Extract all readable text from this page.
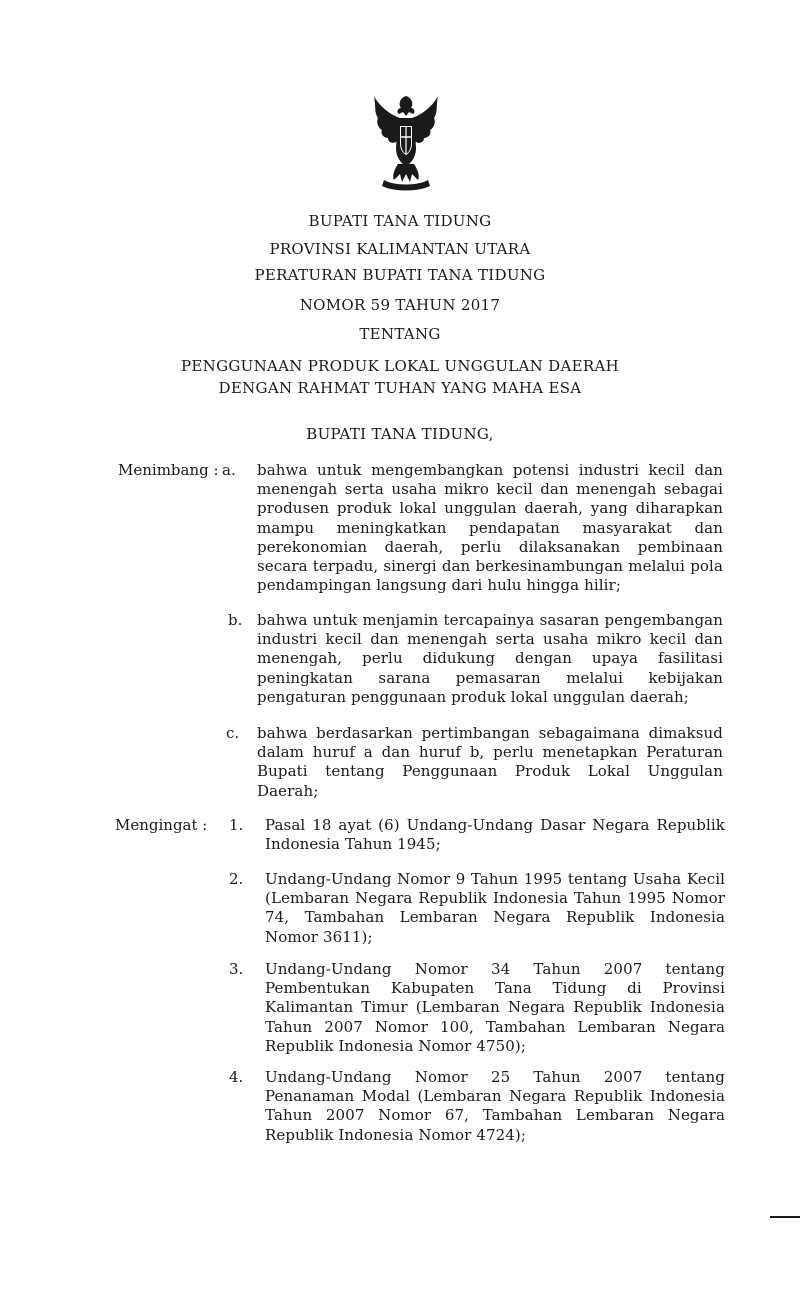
BUPATI TANA TIDUNG
PROVINSI KALIMANTAN UTARA
PERATURAN BUPATI TANA TIDUNG
NOMOR 59 TAHUN 2017
TENTANG
PENGGUNAAN PRODUK LOKAL UNGGULAN DAERAH
DENGAN RAHMAT TUHAN YANG MAHA ESA
BUPATI TANA TIDUNG,
Menimbang : a. bahwa untuk mengembangkan potensi industri kecil dan menengah serta usaha mikro kecil dan menengah sebagai produsen produk lokal unggulan daerah, yang diharapkan mampu meningkatkan pendapatan masyarakat dan perekonomian daerah, perlu dilaksanakan pembinaan secara terpadu, sinergi dan berkesinambungan melalui pola pendampingan langsung dari hulu hingga hilir;
b. bahwa untuk menjamin tercapainya sasaran pengembangan industri kecil dan menengah serta usaha mikro kecil dan menengah, perlu didukung dengan upaya fasilitasi peningkatan sarana pemasaran melalui kebijakan pengaturan penggunaan produk lokal unggulan daerah;
c. bahwa berdasarkan pertimbangan sebagaimana dimaksud dalam huruf a dan huruf b, perlu menetapkan Peraturan Bupati tentang Penggunaan Produk Lokal Unggulan Daerah;
Mengingat : 1. Pasal 18 ayat (6) Undang-Undang Dasar Negara Republik Indonesia Tahun 1945;
2. Undang-Undang Nomor 9 Tahun 1995 tentang Usaha Kecil (Lembaran Negara Republik Indonesia Tahun 1995 Nomor 74, Tambahan Lembaran Negara Republik Indonesia Nomor 3611);
3. Undang-Undang Nomor 34 Tahun 2007 tentang Pembentukan Kabupaten Tana Tidung di Provinsi Kalimantan Timur (Lembaran Negara Republik Indonesia Tahun 2007 Nomor 100, Tambahan Lembaran Negara Republik Indonesia Nomor 4750);
4. Undang-Undang Nomor 25 Tahun 2007 tentang Penanaman Modal (Lembaran Negara Republik Indonesia Tahun 2007 Nomor 67, Tambahan Lembaran Negara Republik Indonesia Nomor 4724);
